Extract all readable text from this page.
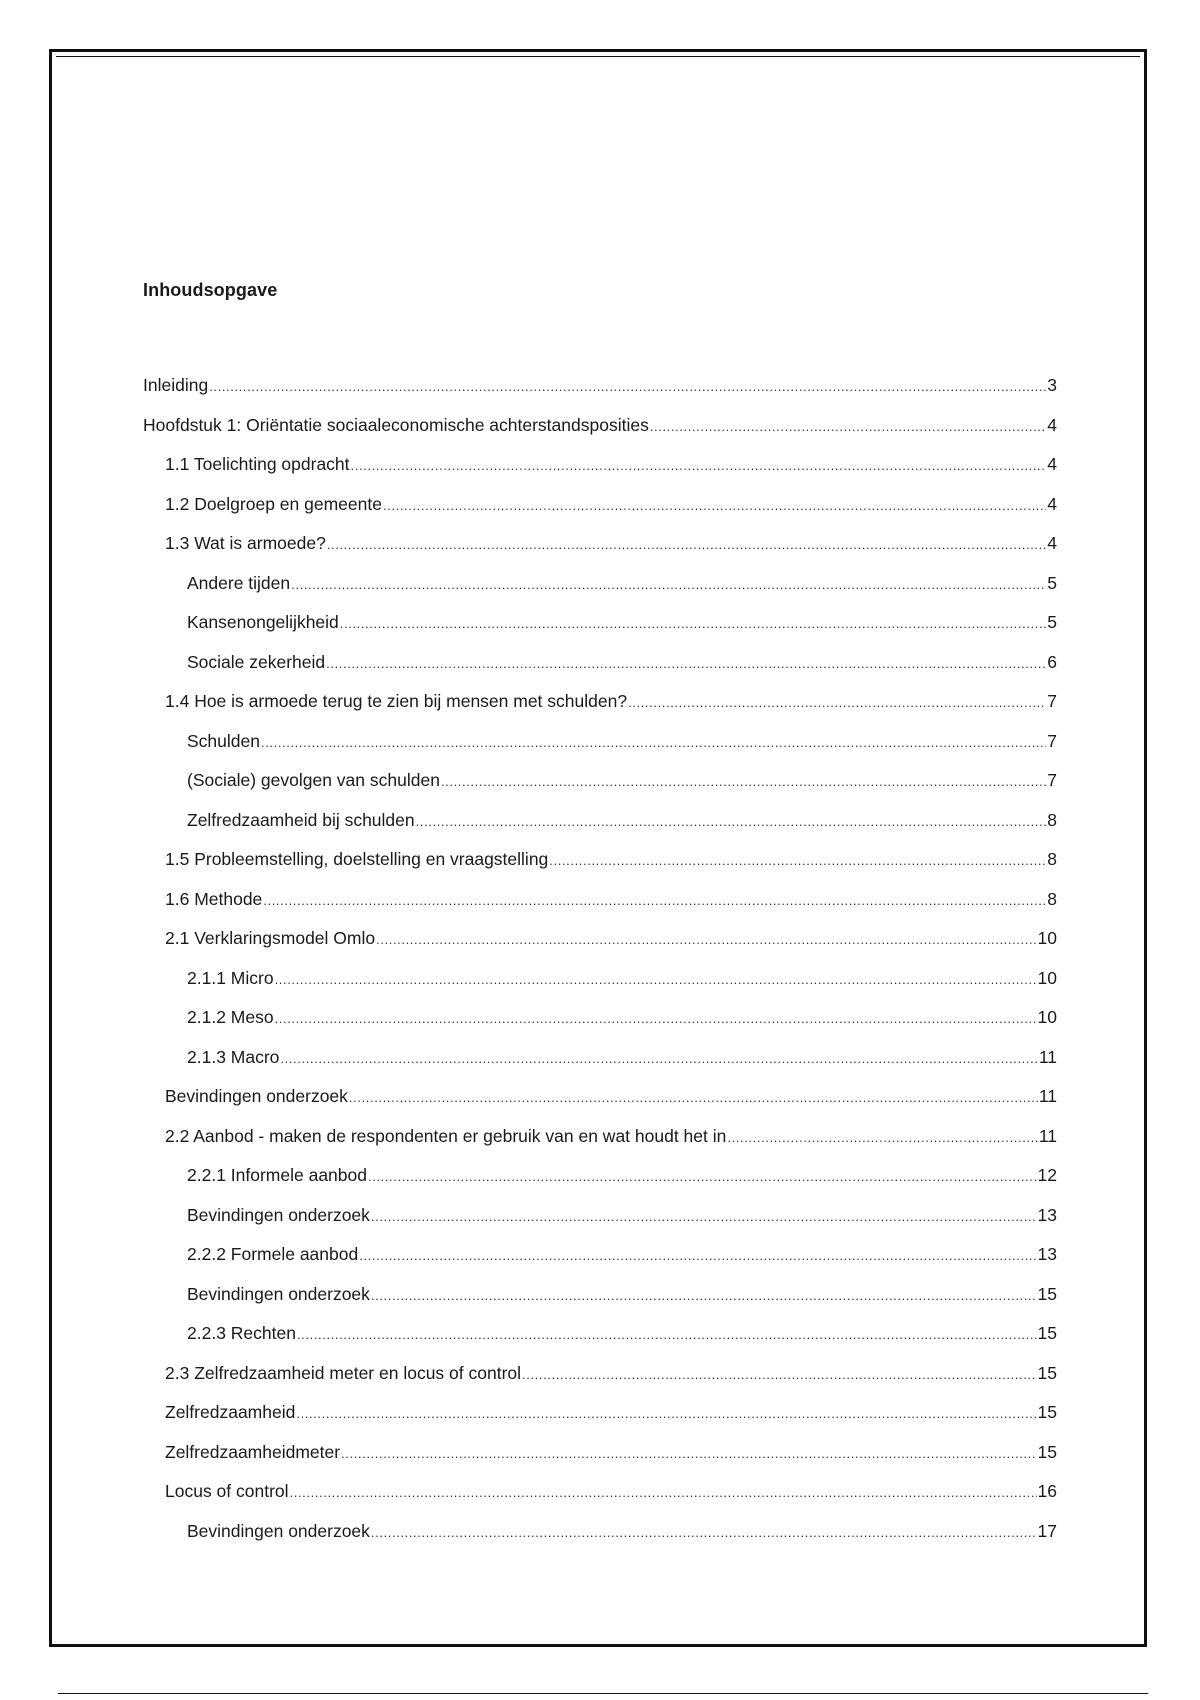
Inhoudsopgave
Inleiding .....	3
Hoofdstuk 1: Oriëntatie sociaaleconomische achterstandsposities .....	4
1.1 Toelichting opdracht .....	4
1.2 Doelgroep en gemeente .....	4
1.3 Wat is armoede? .....	4
Andere tijden .....	5
Kansenongelijkheid .....	5
Sociale zekerheid .....	6
1.4 Hoe is armoede terug te zien bij mensen met schulden? .....	7
Schulden .....	7
(Sociale) gevolgen van schulden .....	7
Zelfredzaamheid bij schulden .....	8
1.5 Probleemstelling, doelstelling en vraagstelling .....	8
1.6 Methode .....	8
2.1 Verklaringsmodel Omlo .....	10
2.1.1 Micro .....	10
2.1.2 Meso .....	10
2.1.3 Macro .....	11
Bevindingen onderzoek .....	11
2.2 Aanbod - maken de respondenten er gebruik van en wat houdt het in .....	11
2.2.1 Informele aanbod .....	12
Bevindingen onderzoek .....	13
2.2.2 Formele aanbod .....	13
Bevindingen onderzoek .....	15
2.2.3 Rechten .....	15
2.3 Zelfredzaamheid meter en locus of control .....	15
Zelfredzaamheid .....	15
Zelfredzaamheidmeter .....	15
Locus of control .....	16
Bevindingen onderzoek .....	17
